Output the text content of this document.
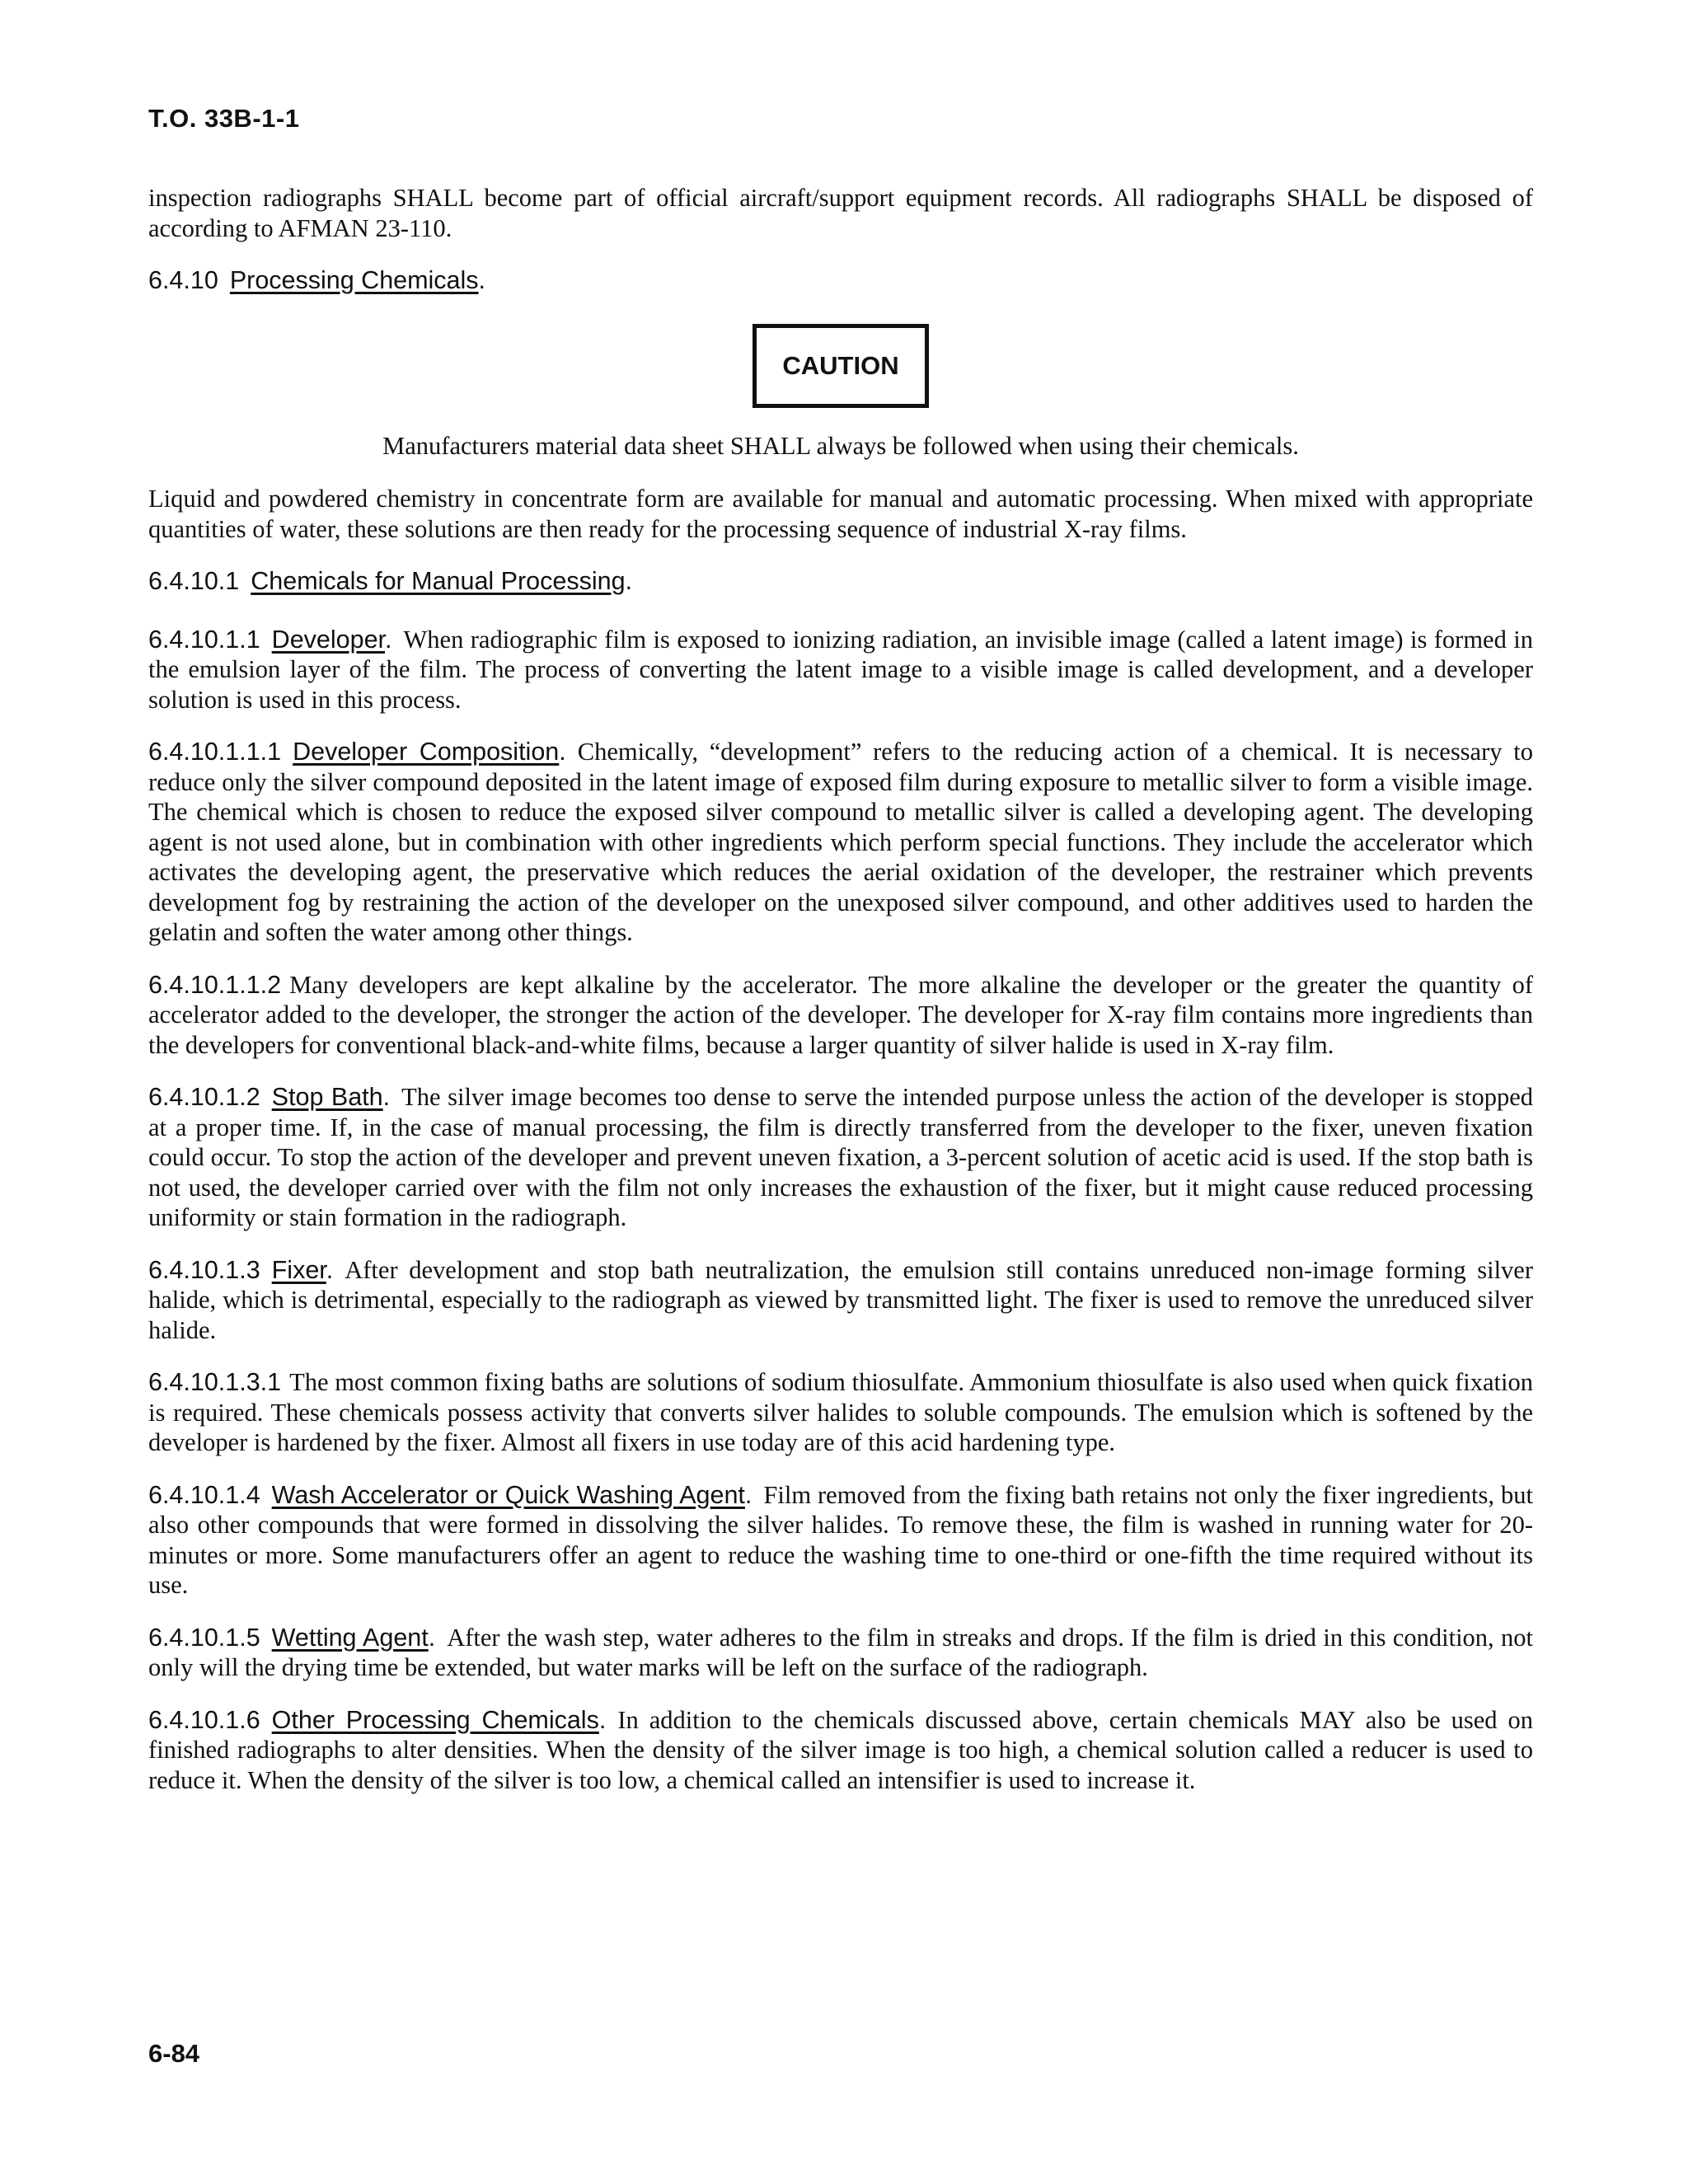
T.O. 33B-1-1

inspection radiographs SHALL become part of official aircraft/support equipment records. All radiographs SHALL be disposed of according to AFMAN 23-110.

6.4.10 Processing Chemicals.
CAUTION

Manufacturers material data sheet SHALL always be followed when using their chemicals.

Liquid and powdered chemistry in concentrate form are available for manual and automatic processing. When mixed with appropriate quantities of water, these solutions are then ready for the processing sequence of industrial X-ray films.

6.4.10.1 Chemicals for Manual Processing.

6.4.10.1.1 Developer. When radiographic film is exposed to ionizing radiation, an invisible image (called a latent image) is formed in the emulsion layer of the film. The process of converting the latent image to a visible image is called development, and a developer solution is used in this process.

6.4.10.1.1.1 Developer Composition. Chemically, “development” refers to the reducing action of a chemical. It is necessary to reduce only the silver compound deposited in the latent image of exposed film during exposure to metallic silver to form a visible image. The chemical which is chosen to reduce the exposed silver compound to metallic silver is called a developing agent. The developing agent is not used alone, but in combination with other ingredients which perform special functions. They include the accelerator which activates the developing agent, the preservative which reduces the aerial oxidation of the developer, the restrainer which prevents development fog by restraining the action of the developer on the unexposed silver compound, and other additives used to harden the gelatin and soften the water among other things.

6.4.10.1.1.2 Many developers are kept alkaline by the accelerator. The more alkaline the developer or the greater the quantity of accelerator added to the developer, the stronger the action of the developer. The developer for X-ray film contains more ingredients than the developers for conventional black-and-white films, because a larger quantity of silver halide is used in X-ray film.

6.4.10.1.2 Stop Bath. The silver image becomes too dense to serve the intended purpose unless the action of the developer is stopped at a proper time. If, in the case of manual processing, the film is directly transferred from the developer to the fixer, uneven fixation could occur. To stop the action of the developer and prevent uneven fixation, a 3-percent solution of acetic acid is used. If the stop bath is not used, the developer carried over with the film not only increases the exhaustion of the fixer, but it might cause reduced processing uniformity or stain formation in the radiograph.

6.4.10.1.3 Fixer. After development and stop bath neutralization, the emulsion still contains unreduced non-image forming silver halide, which is detrimental, especially to the radiograph as viewed by transmitted light. The fixer is used to remove the unreduced silver halide.

6.4.10.1.3.1 The most common fixing baths are solutions of sodium thiosulfate. Ammonium thiosulfate is also used when quick fixation is required. These chemicals possess activity that converts silver halides to soluble compounds. The emulsion which is softened by the developer is hardened by the fixer. Almost all fixers in use today are of this acid hardening type.

6.4.10.1.4 Wash Accelerator or Quick Washing Agent. Film removed from the fixing bath retains not only the fixer ingredients, but also other compounds that were formed in dissolving the silver halides. To remove these, the film is washed in running water for 20-minutes or more. Some manufacturers offer an agent to reduce the washing time to one-third or one-fifth the time required without its use.

6.4.10.1.5 Wetting Agent. After the wash step, water adheres to the film in streaks and drops. If the film is dried in this condition, not only will the drying time be extended, but water marks will be left on the surface of the radiograph.

6.4.10.1.6 Other Processing Chemicals. In addition to the chemicals discussed above, certain chemicals MAY also be used on finished radiographs to alter densities. When the density of the silver image is too high, a chemical solution called a reducer is used to reduce it. When the density of the silver is too low, a chemical called an intensifier is used to increase it.

6-84
